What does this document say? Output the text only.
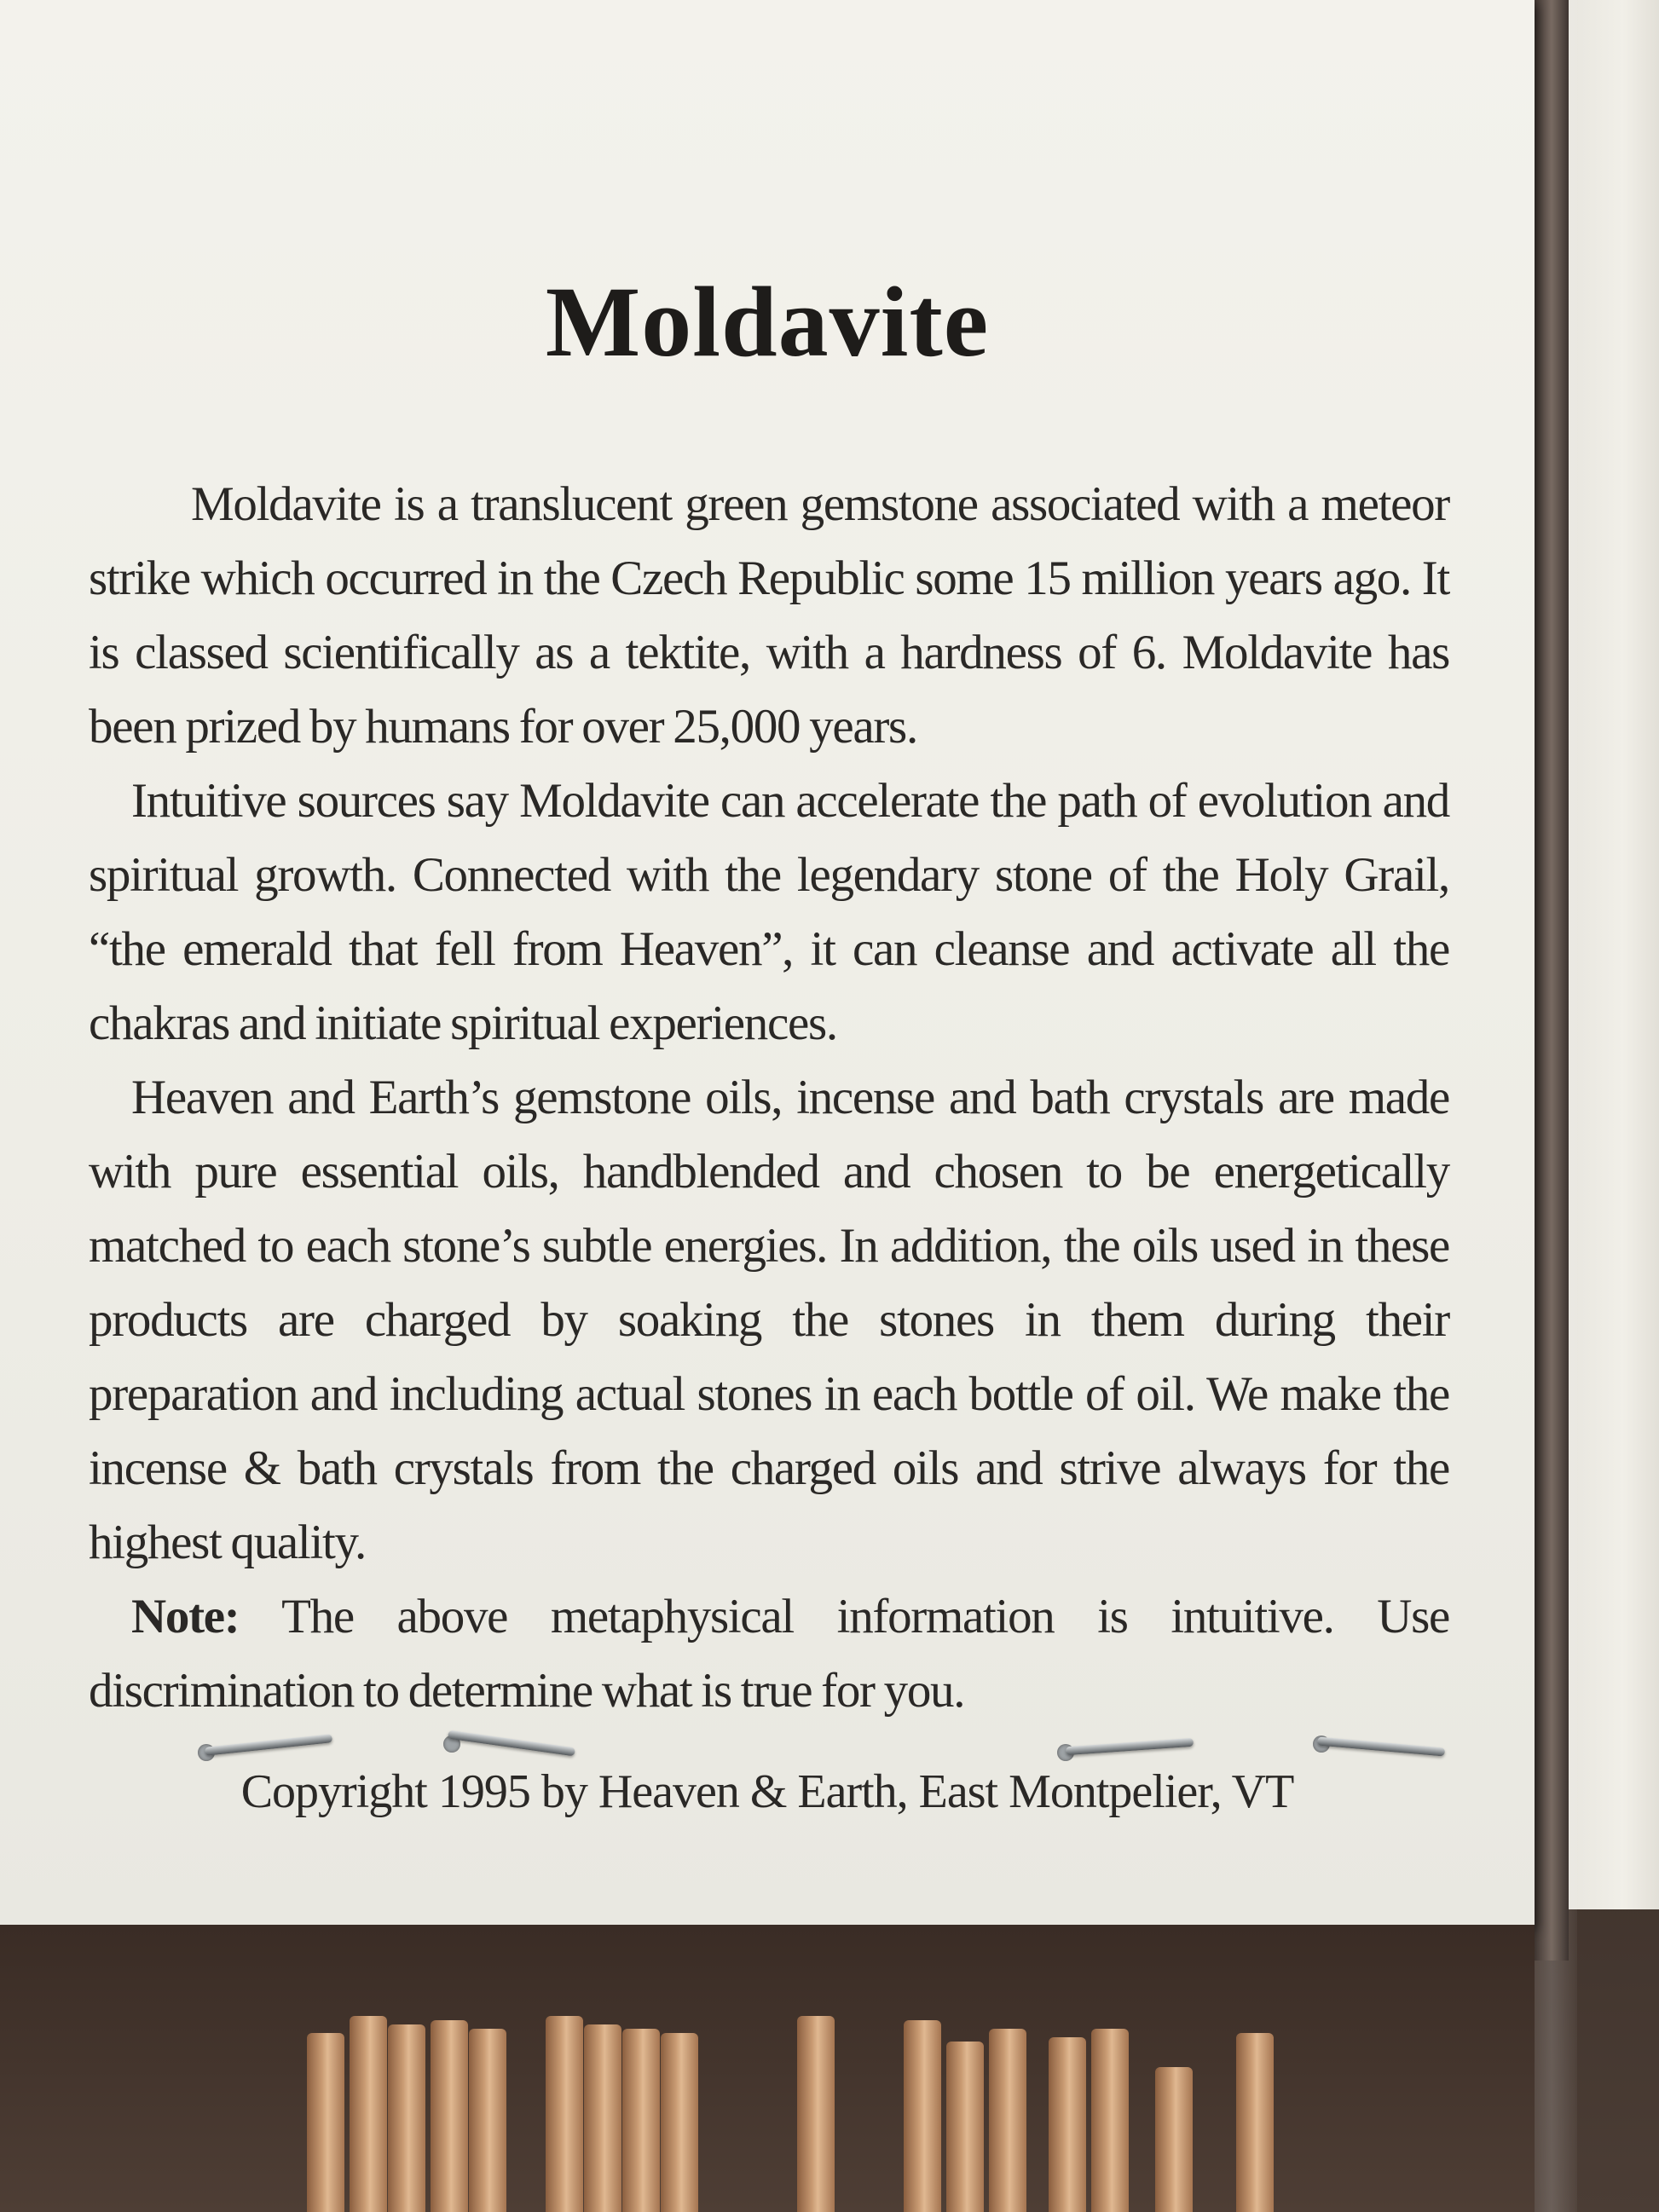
Moldavite

Moldavite is a translucent green gemstone associated with a meteor strike which occurred in the Czech Republic some 15 million years ago. It is classed scientifically as a tektite, with a hardness of 6. Moldavite has been prized by humans for over 25,000 years.

Intuitive sources say Moldavite can accelerate the path of evolution and spiritual growth. Connected with the legendary stone of the Holy Grail, “the emerald that fell from Heaven”, it can cleanse and activate all the chakras and initiate spiritual experiences.

Heaven and Earth’s gemstone oils, incense and bath crystals are made with pure essential oils, handblended and chosen to be energetically matched to each stone’s subtle energies. In addition, the oils used in these products are charged by soaking the stones in them during their preparation and including actual stones in each bottle of oil. We make the incense & bath crystals from the charged oils and strive always for the highest quality.

Note: The above metaphysical information is intuitive. Use discrimination to determine what is true for you.

Copyright 1995 by Heaven & Earth, East Montpelier, VT
